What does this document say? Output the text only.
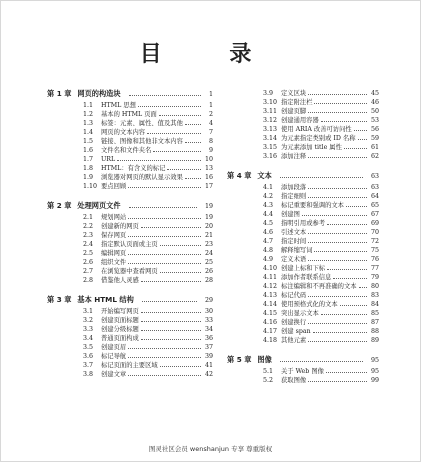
目 录
第 1 章 网页的构造块	1
1.1	HTML 思想	1
1.2	基本的 HTML 页面	2
1.3	标签：元素、属性、值及其他	4
1.4	网页的文本内容	7
1.5	链接、图像和其他非文本内容	8
1.6	文件名和文件夹名	9
1.7	URL	10
1.8	HTML：有含义的标记	13
1.9	浏览器对网页的默认显示效果	16
1.10 要点回顾	17
第 2 章 处理网页文件	19
2.1	规划网站	19
2.2	创建新的网页	20
2.3	保存网页	21
2.4	指定默认页面或主页	23
2.5	编辑网页	24
2.6	组织文件	25
2.7	在浏览器中查看网页	26
2.8	借鉴他人灵感	28
第 3 章 基本 HTML 结构	29
3.1	开始编写网页	30
3.2	创建页面标题	33
3.3	创建分级标题	34
3.4	普通页面构成	36
3.5	创建页眉	37
3.6	标记导航	39
3.7	标记页面的主要区域	41
3.8	创建文章	42
3.9	定义区块	45
3.10 指定附注栏	46
3.11 创建页脚	50
3.12 创建通用容器	53
3.13 使用 ARIA 改善可访问性	56
3.14 为元素指定类别或 ID 名称	59
3.15 为元素添加 title 属性	61
3.16 添加注释	62
第 4 章 文本	63
4.1	添加段落	63
4.2	指定细则	64
4.3	标记重要和强调的文本	65
4.4	创建图	67
4.5	指明引用或参考	69
4.6	引述文本	70
4.7	指定时间	72
4.8	解释缩写词	75
4.9	定义术语	76
4.10 创建上标和下标	77
4.11 添加作者联系信息	79
4.12 标注编辑和不再准确的文本	80
4.13 标记代码	83
4.14 使用预格式化的文本	84
4.15 突出显示文本	85
4.16 创建换行	87
4.17 创建 span	88
4.18 其他元素	89
第 5 章 图像	95
5.1	关于 Web 图像	95
5.2	获取图像	99
图灵社区会员 wenshanjun 专享 尊重版权
